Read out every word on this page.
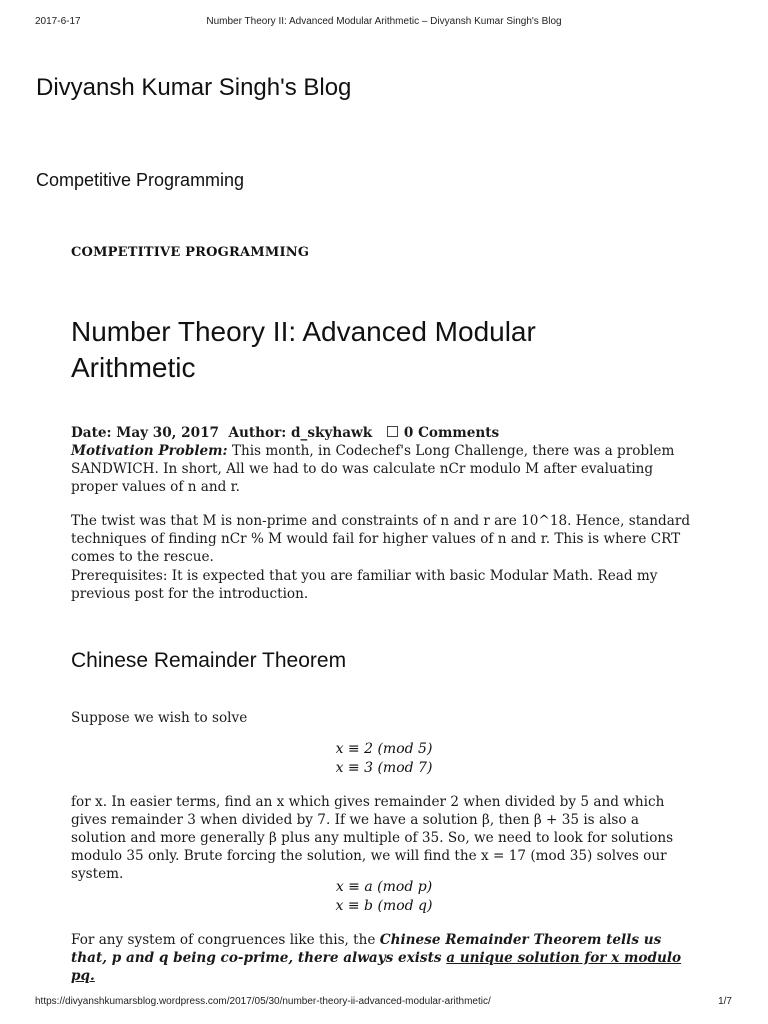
2017-6-17	Number Theory II: Advanced Modular Arithmetic – Divyansh Kumar Singh's Blog
Divyansh Kumar Singh's Blog
Competitive Programming
COMPETITIVE PROGRAMMING
Number Theory II: Advanced Modular Arithmetic
Date: May 30, 2017 Author: d_skyhawk 0 Comments

Motivation Problem: This month, in Codechef's Long Challenge, there was a problem SANDWICH. In short, All we had to do was calculate nCr modulo M after evaluating proper values of n and r.

The twist was that M is non-prime and constraints of n and r are 10^18. Hence, standard techniques of finding nCr % M would fail for higher values of n and r. This is where CRT comes to the rescue.

Prerequisites: It is expected that you are familiar with basic Modular Math. Read my previous post for the introduction.

Chinese Remainder Theorem

Suppose we wish to solve

x ≡ 2 (mod 5)
x ≡ 3 (mod 7)

for x. In easier terms, find an x which gives remainder 2 when divided by 5 and which gives remainder 3 when divided by 7. If we have a solution β, then β + 35 is also a solution and more generally β plus any multiple of 35. So, we need to look for solutions modulo 35 only. Brute forcing the solution, we will find the x = 17 (mod 35) solves our system.

x ≡ a (mod p)
x ≡ b (mod q)

For any system of congruences like this, the Chinese Remainder Theorem tells us that, p and q being co-prime, there always exists a unique solution for x modulo pq.

https://divyanshkumarsblog.wordpress.com/2017/05/30/number-theory-ii-advanced-modular-arithmetic/	1/7
